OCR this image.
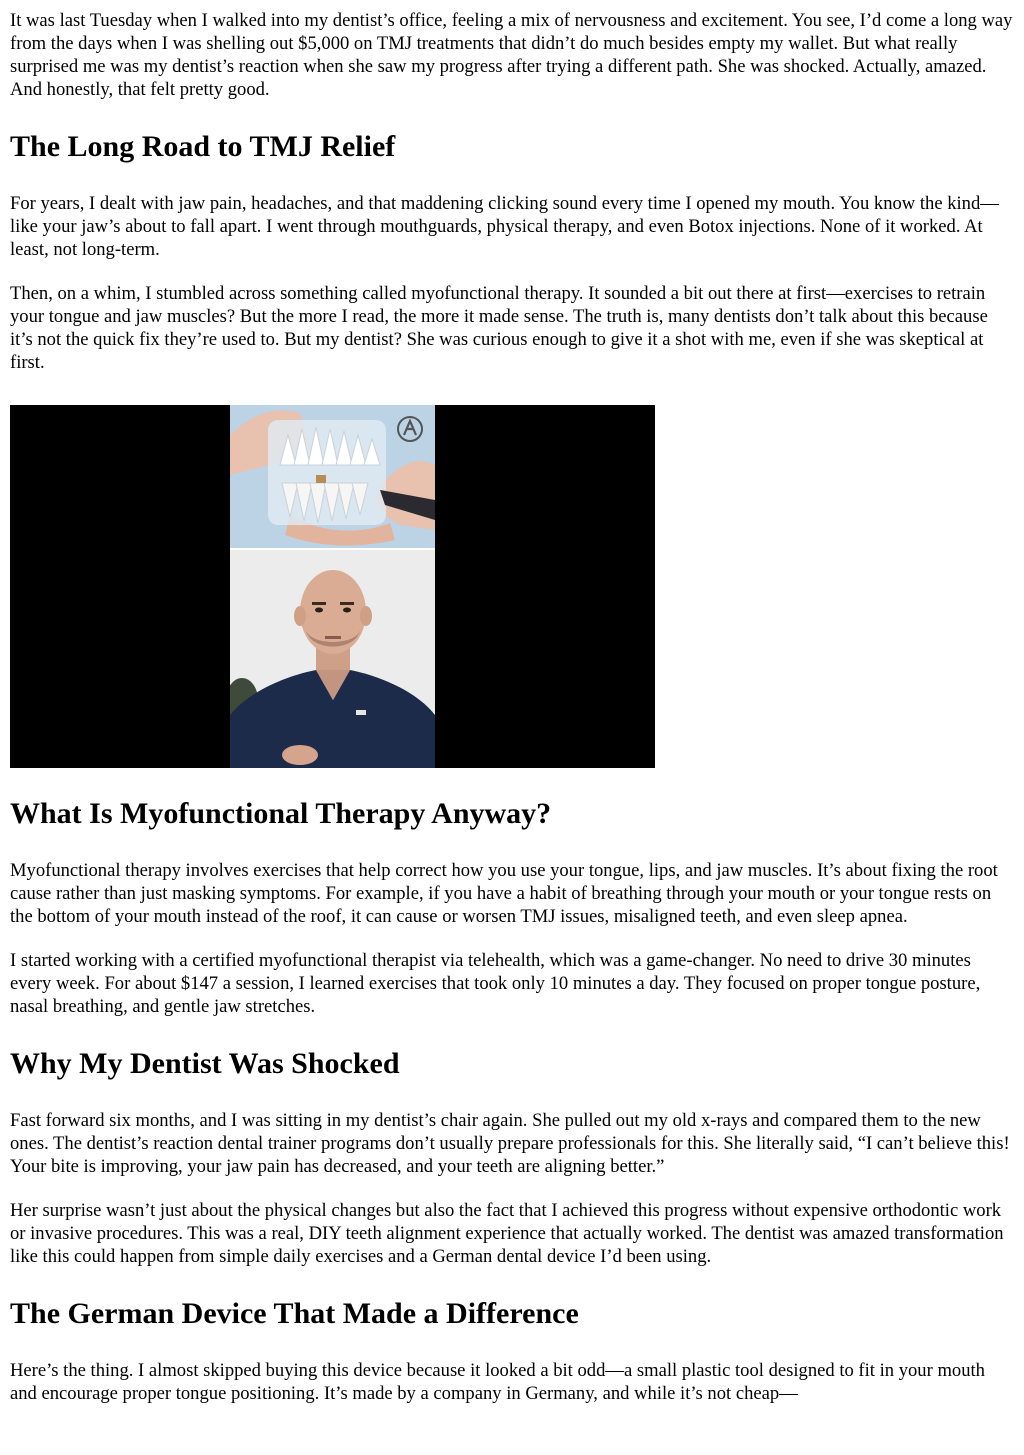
It was last Tuesday when I walked into my dentist’s office, feeling a mix of nervousness and excitement. You see, I’d come a long way from the days when I was shelling out $5,000 on TMJ treatments that didn’t do much besides empty my wallet. But what really surprised me was my dentist’s reaction when she saw my progress after trying a different path. She was shocked. Actually, amazed. And honestly, that felt pretty good.

The Long Road to TMJ Relief

For years, I dealt with jaw pain, headaches, and that maddening clicking sound every time I opened my mouth. You know the kind—like your jaw’s about to fall apart. I went through mouthguards, physical therapy, and even Botox injections. None of it worked. At least, not long-term.

Then, on a whim, I stumbled across something called myofunctional therapy. It sounded a bit out there at first—exercises to retrain your tongue and jaw muscles? But the more I read, the more it made sense. The truth is, many dentists don’t talk about this because it’s not the quick fix they’re used to. But my dentist? She was curious enough to give it a shot with me, even if she was skeptical at first.

What Is Myofunctional Therapy Anyway?

Myofunctional therapy involves exercises that help correct how you use your tongue, lips, and jaw muscles. It’s about fixing the root cause rather than just masking symptoms. For example, if you have a habit of breathing through your mouth or your tongue rests on the bottom of your mouth instead of the roof, it can cause or worsen TMJ issues, misaligned teeth, and even sleep apnea.

I started working with a certified myofunctional therapist via telehealth, which was a game-changer. No need to drive 30 minutes every week. For about $147 a session, I learned exercises that took only 10 minutes a day. They focused on proper tongue posture, nasal breathing, and gentle jaw stretches.

Why My Dentist Was Shocked

Fast forward six months, and I was sitting in my dentist’s chair again. She pulled out my old x-rays and compared them to the new ones. The dentist’s reaction dental trainer programs don’t usually prepare professionals for this. She literally said, “I can’t believe this! Your bite is improving, your jaw pain has decreased, and your teeth are aligning better.”

Her surprise wasn’t just about the physical changes but also the fact that I achieved this progress without expensive orthodontic work or invasive procedures. This was a real, DIY teeth alignment experience that actually worked. The dentist was amazed transformation like this could happen from simple daily exercises and a German dental device I’d been using.

The German Device That Made a Difference

Here’s the thing. I almost skipped buying this device because it looked a bit odd—a small plastic tool designed to fit in your mouth and encourage proper tongue positioning. It’s made by a company in Germany, and while it’s not cheap—
